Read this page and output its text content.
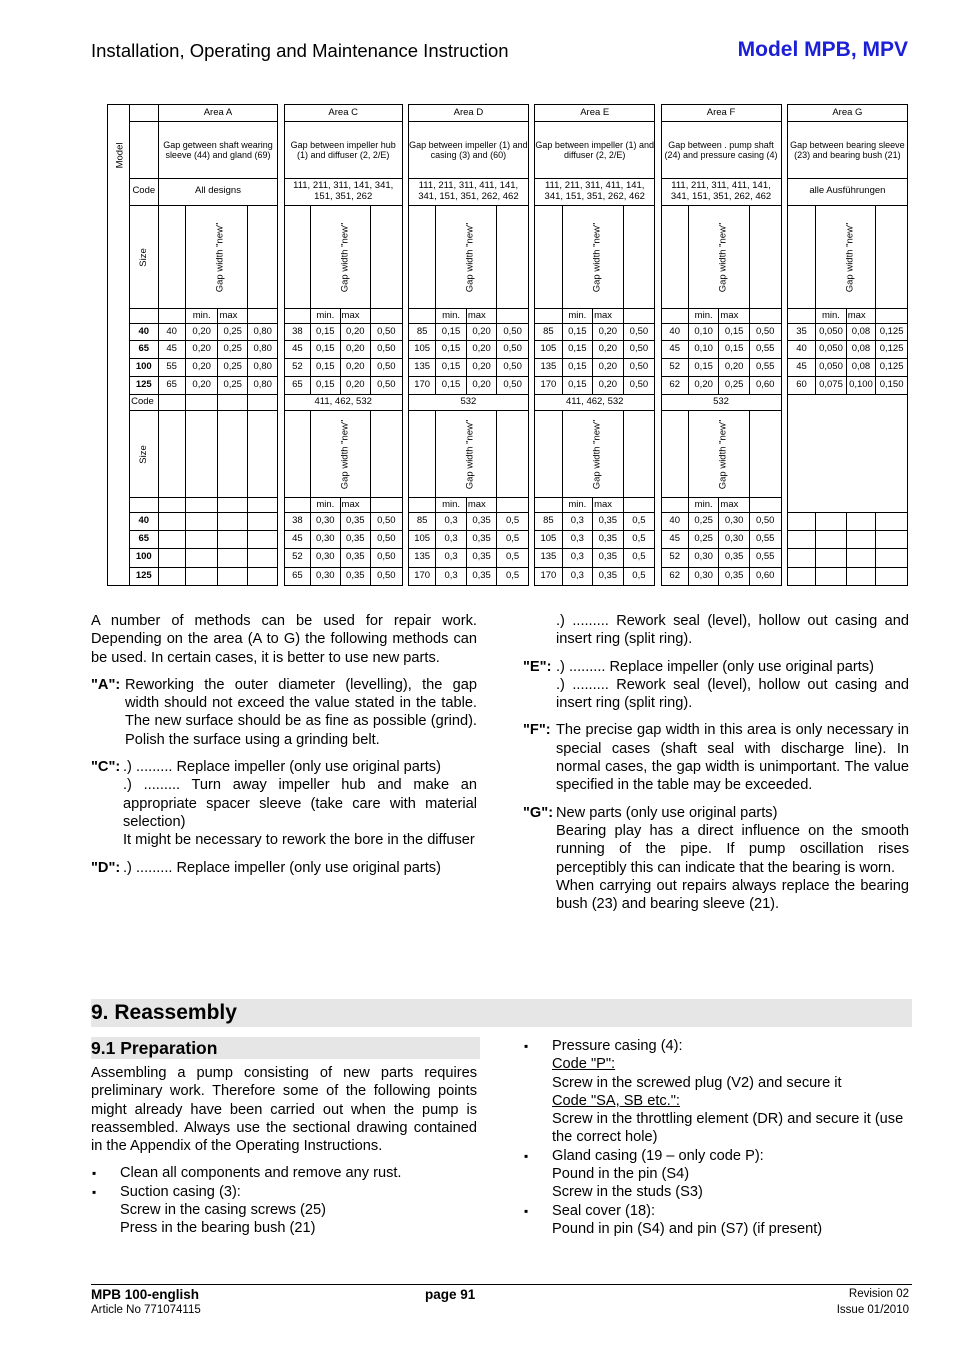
Installation, Operating and Maintenance Instruction	Model MPB, MPV
Model		Area A					Area C					Area D					Area E					Area F					Area G			
		Gap getween shaft wearing sleeve (44) and gland (69)					Gap between impeller hub (1) and diffuser (2, 2/E)					Gap between impeller (1) and casing (3) and (60)					Gap between impeller (1) and diffuser (2, 2/E)					Gap between . pump shaft (24) and pressure casing (4)					Gap between bearing sleeve (23) and bearing bush (21)			
	Code	All designs					111, 211, 311, 141, 341, 151, 351, 262					111, 211, 311, 411, 141, 341, 151, 351, 262, 462					111, 211, 311, 411, 141, 341, 151, 351, 262, 462					111, 211, 311, 411, 141, 341, 151, 351, 262, 462					alle Ausführungen			
	Size		Gap width "new"					Gap width "new"					Gap width "new"					Gap width "new"					Gap width "new"					Gap width "new"	
			min.	max				min.	max				min.	max				min.	max				min.	max				min.	max	
	40	40	0,20	0,25	0,80		38	0,15	0,20	0,50		85	0,15	0,20	0,50		85	0,15	0,20	0,50		40	0,10	0,15	0,50		35	0,050	0,08	0,125
	65	45	0,20	0,25	0,80		45	0,15	0,20	0,50		105	0,15	0,20	0,50		105	0,15	0,20	0,50		45	0,10	0,15	0,55		40	0,050	0,08	0,125
	100	55	0,20	0,25	0,80		52	0,15	0,20	0,50		135	0,15	0,20	0,50		135	0,15	0,20	0,50		52	0,15	0,20	0,55		45	0,050	0,08	0,125
	125	65	0,20	0,25	0,80		65	0,15	0,20	0,50		170	0,15	0,20	0,50		170	0,15	0,20	0,50		62	0,20	0,25	0,60		60	0,075	0,100	0,150
	Code						411, 462, 532					532					411, 462, 532					532								
	Size							Gap width "new"					Gap width "new"					Gap width "new"					Gap width "new"			
								min.	max				min.	max				min.	max				min.	max						
	40						38	0,30	0,35	0,50		85	0,3	0,35	0,5		85	0,3	0,35	0,5		40	0,25	0,30	0,50					
	65						45	0,30	0,35	0,50		105	0,3	0,35	0,5		105	0,3	0,35	0,5		45	0,25	0,30	0,55					
	100						52	0,30	0,35	0,50		135	0,3	0,35	0,5		135	0,3	0,35	0,5		52	0,30	0,35	0,55					
	125						65	0,30	0,35	0,50		170	0,3	0,35	0,5		170	0,3	0,35	0,5		62	0,30	0,35	0,60					

A number of methods can be used for repair work. Depending on the area (A to G) the following methods can be used. In certain cases, it is better to use new parts.

"A": Reworking the outer diameter (levelling), the gap width should not exceed the value stated in the table. The new surface should be as fine as possible (grind). Polish the surface using a grinding belt.
"C": .) ......... Replace impeller (only use original parts)
.) ......... Turn away impeller hub and make an appropriate spacer sleeve (take care with material selection)
It might be necessary to rework the bore in the diffuser
"D": .) ......... Replace impeller (only use original parts)
.) ......... Rework seal (level), hollow out casing and insert ring (split ring).
"E": .) ......... Replace impeller (only use original parts)
.) ......... Rework seal (level), hollow out casing and insert ring (split ring).
"F": The precise gap width in this area is only necessary in special cases (shaft seal with discharge line). In normal cases, the gap width is unimportant. The value specified in the table may be exceeded.
"G": New parts (only use original parts)
Bearing play has a direct influence on the smooth running of the pipe. If pump oscillation rises perceptibly this can indicate that the bearing is worn.
When carrying out repairs always replace the bearing bush (23) and bearing sleeve (21).
9. Reassembly
9.1 Preparation

Assembling a pump consisting of new parts requires preliminary work. Therefore some of the following points might already have been carried out when the pump is reassembled. Always use the sectional drawing contained in the Appendix of the Operating Instructions.

▪ Clean all components and remove any rust.
▪ Suction casing (3):
Screw in the casing screws (25)
Press in the bearing bush (21)
▪ Pressure casing (4):
Code "P":
Screw in the screwed plug (V2) and secure it
Code "SA, SB etc.":
Screw in the throttling element (DR) and secure it (use the correct hole)
▪ Gland casing (19 – only code P):
Pound in the pin (S4)
Screw in the studs (S3)
▪ Seal cover (18):
Pound in pin (S4) and pin (S7) (if present)
MPB 100-english	page 91	Revision 02
Article No 771074115	Issue 01/2010
